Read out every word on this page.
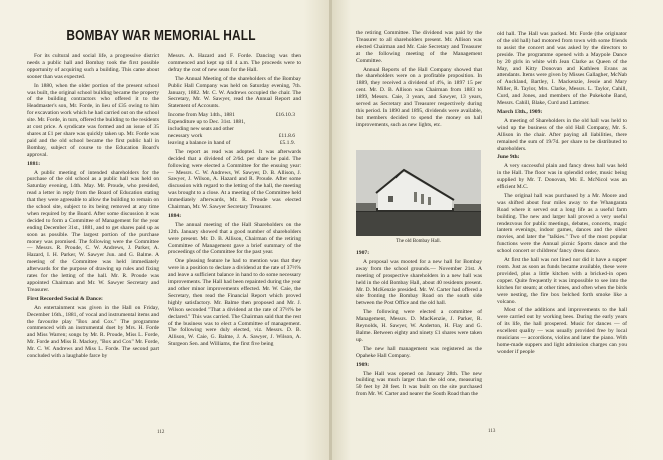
BOMBAY WAR MEMORIAL HALL

For its cultural and social life, a progressive district needs a public hall and Bombay took the first possible opportunity of acquiring such a building. This came about sooner than was expected.

In 1880, when the older portion of the present school was built, the original school building became the property of the building contractors who offered it to the Headmaster's son, Mr. Forde, in lieu of £35 owing to him for excavation work which he had carried out on the school site. Mr. Forde, in turn, offered the building to the residents at cost price. A syndicate was formed and an issue of 35 shares at £1 per share was quickly taken up. Mr. Forde was paid and the old school became the first public hall in Bombay, subject of course to the Education Board's approval.

1881:

A public meeting of intended shareholders for the purchase of the old school as a public hall was held on Saturday evening, 14th. May. Mr. Proude, who presided, read a letter in reply from the Board of Education stating that they were agreeable to allow the building to remain on the school site, subject to its being removed at any time when required by the Board. After some discussion it was decided to form a Committee of Management for the year ending December 31st., 1881, and to get shares paid up as soon as possible. The largest portion of the purchase money was promised. The following were the Committee — Messrs. R. Proude, C. W. Andrews, J. Parker, A. Hazard, I. H. Parker, W. Sawyer Jun. and G. Balme. A meeting of the Committee was held immediately afterwards for the purpose of drawing up rules and fixing rates for the letting of the hall. Mr. R. Proude was appointed Chairman and Mr. W. Sawyer Secretary and Treasurer.

First Recorded Social & Dance:

An entertainment was given in the Hall on Friday, December 16th., 1881, of vocal and instrumental items and the favourite play "Box and Cox." The programme commenced with an instrumental duet by Mrs. H. Forde and Miss Warren; songs by Mr. R. Proude, Miss L. Forde, Mr. Forde and Miss B. Mackey, "Box and Cox" Mr. Forde, Mr. C. W. Andrews and Miss L. Forde. The second part concluded with a laughable farce by

Messrs. A. Hazard and F. Forde. Dancing was then commenced and kept up till 4 a.m. The proceeds were to defray the cost of new seats for the Hall.

The Annual Meeting of the shareholders of the Bombay Public Hall Company was held on Saturday evening, 7th. January, 1882. Mr. C. W. Andrews occupied the chair. The Secretary, Mr. W. Sawyer, read the Annual Report and Statement of Accounts.

Income from May 14th., 1881	£16.10.3
Expenditure up to Dec. 31st. 1881,
including new seats and other
necessary work	£11.8.6
leaving a balance in hand of	£5.1.9.

The report as read was adopted. It was afterwards decided that a dividend of 2/6d. per share be paid. The following were elected a Committee for the ensuing year: — Messrs. C. W. Andrews, W. Sawyer, D. B. Allison, J. Sawyer, J. Wilson, A. Hazard and R. Proude. After some discussion with regard to the letting of the hall, the meeting was brought to a close. At a meeting of the Committee held immediately afterwards, Mr. R. Proude was elected Chairman, Mr. W. Sawyer Secretary Treasurer.

1884:

The annual meeting of the Hall Shareholders on the 12th. January showed that a good number of shareholders were present. Mr. D. B. Allison, Chairman of the retiring Committee of Management gave a brief summary of the proceedings of the Committee for the past year.

One pleasing feature he had to mention was that they were in a position to declare a dividend at the rate of 37½% and leave a sufficient balance in hand to do some necessary improvements. The Hall had been repainted during the year and other minor improvements effected. Mr. W. Caie, the Secretary, then read the Financial Report which proved highly satisfactory. Mr. Balme then proposed and Mr. J. Wilson seconded "That a dividend at the rate of 37½% be declared." This was carried. The Chairman said that the rest of the business was to elect a Committee of management. The following were duly elected, viz. Messrs. D. B. Allison, W. Caie, G. Balme, J. A. Sawyer, J. Wilson, A. Sturgeon Sen. and Williams, the first five being

112

the retiring Committee. The dividend was paid by the Treasurer to all shareholders present. Mr. Allison was elected Chairman and Mr. Caie Secretary and Treasurer at the following meeting of the Management Committee.

Annual Reports of the Hall Company showed that the shareholders were on a profitable proposition. In 1889, they received a dividend of 4%, in 1897 15 per cent. Mr. D. B. Allison was Chairman from 1883 to 1899, Messrs. Caie, 3 years, and Sawyer, 13 years, served as Secretary and Treasurer respectively during this period. In 1890 and 1895, dividends were available, but members decided to spend the money on hall improvements, such as new lights, etc.

The old Bombay Hall.
1907:

A proposal was mooted for a new hall for Bombay away from the school grounds.— November 21st. A meeting of prospective shareholders in a new hall was held in the old Bombay Hall, about 40 residents present. Mr. D. McKenzie presided. Mr. W. Carter had offered a site fronting the Bombay Road on the south side between the Post Office and the old hall.

The following were elected a committee of Management, Messrs. D. MacKenzie, J. Parker, R. Reynolds, H. Sawyer, W. Anderton, H. Flay and G. Balme. Between eighty and ninety £1 shares were taken up.

The new hall management was registered as the Opaheke Hall Company.

1909:

The Hall was opened on January 28th. The new building was much larger than the old one, measuring 50 feet by 28 feet. It was built on the site purchased from Mr. W. Carter and nearer the South Road than the

old hall. The Hall was packed. Mr. Forde (the originator of the old hall) had motored from town with some friends to assist the concert and was asked by the directors to preside. The programme opened with a Maypole Dance by 20 girls in white with Jean Clarke as Queen of the May, and Kitty Donovan and Kathleen Evans as attendants. Items were given by Misses Gallagher, McNab of Auckland, Bartley, I. Mackenzie, Jessie and Mary Miller, R. Taylor, Mrs. Clarke, Messrs. L. Taylor, Cahill, Curd, and Jones, and members of the Pukekohe Band, Messrs. Cahill, Blake, Curd and Lattimer.

March 13th., 1909:

A meeting of Shareholders in the old hall was held to wind up the business of the old Hall Company, Mr. S. Allison in the chair. After paying all liabilities, there remained the sum of 19/7d. per share to be distributed to shareholders.

June 9th:

A very successful plain and fancy dress ball was held in the Hall. The floor was in splendid order, music being supplied by Mr. T. Donovan, Mr. E. McNicol was an efficient M.C.

The original hall was purchased by a Mr. Moore and was shifted about four miles away to the Whangarata Road where it served out a long life as a useful farm building. The new and larger hall proved a very useful rendezvous for public meetings, debates, concerts, magic lantern evenings, indoor games, dances and the silent movies, and later the "talkies." Two of the most popular functions were the Annual picnic Sports dance and the school concert or childrens' fancy dress dance.

At first the hall was not lined nor did it have a supper room. Just as soon as funds became available, these were provided, plus a little kitchen with a bricked-in open copper. Quite frequently it was impossible to see into the kitchen for steam; at other times, and often when the birds were nesting, the fire box belched forth smoke like a volcano.

Most of the additions and improvements to the hall were carried out by working bees. During the early years of its life, the hall prospered. Music for dances — of excellent quality — was usually provided free by local musicians — accordions, violins and later the piano. With home-made suppers and light admission charges can you wonder if people

113
